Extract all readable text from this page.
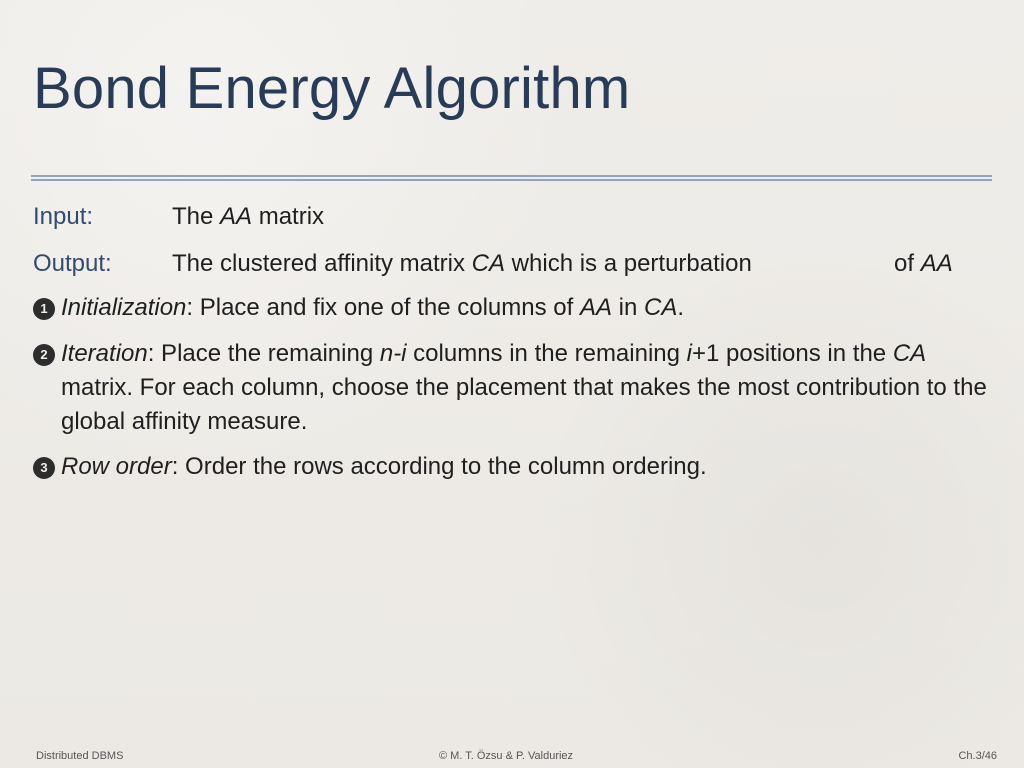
Bond Energy Algorithm
Input:	The AA matrix
Output:	The clustered affinity matrix CA which is a perturbation	of AA
1 Initialization: Place and fix one of the columns of AA in CA.
2 Iteration: Place the remaining n-i columns in the remaining i+1 positions in the CA matrix. For each column, choose the placement that makes the most contribution to the global affinity measure.
3 Row order: Order the rows according to the column ordering.
Distributed DBMS	© M. T. Özsu & P. Valduriez	Ch.3/46
